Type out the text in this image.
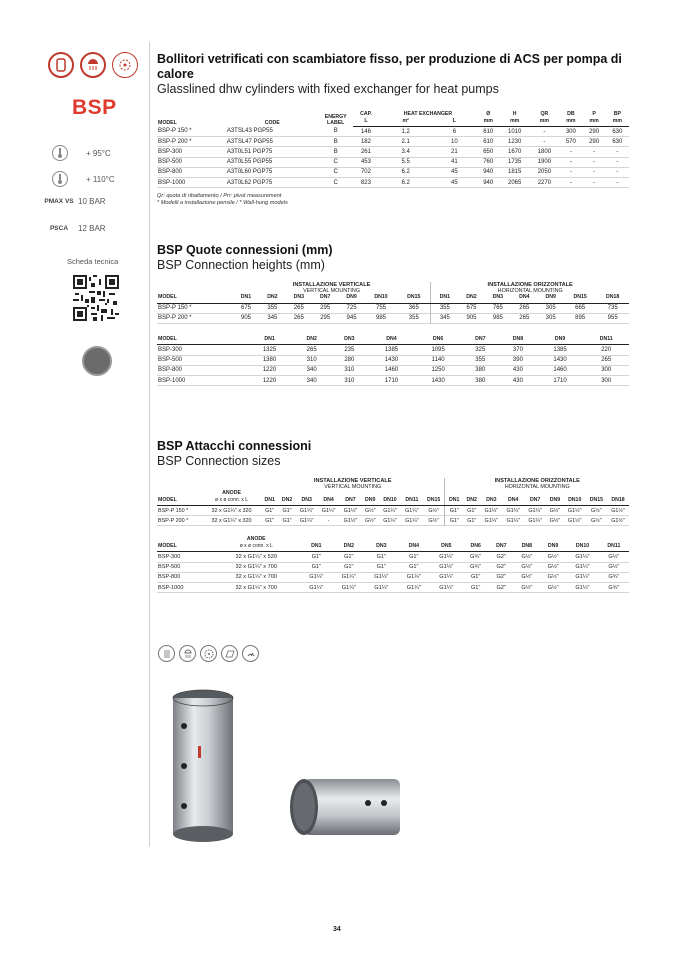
BSP
+ 95°C
+ 110°C
PMAX VS 10 BAR
PSCA	12 BAR
Scheda tecnica
Bollitori vetrificati con scambiatore fisso, per produzione di ACS per pompa di calore
Glasslined dhw cylinders with fixed exchanger for heat pumps
MODEL	CODE	ENERGY LABEL	CAP.	HEAT EXCHANGER		Ø	H	QR	DB	P	BP
			L	m²	L	mm	mm	mm	mm	mm	mm
BSP-P 150 *	A3TSL43 PGP55	B	146	1.2	6	610	1010	-	300	290	630
BSP-P 200 *	A3TSL47 PGP55	B	182	2.1	10	610	1230	-	570	290	630
BSP-300	A3T0L51 PGP75	B	261	3.4	21	650	1670	1800	-	-	-
BSP-500	A3T0L55 PGP55	C	453	5.5	41	760	1735	1900	-	-	-
BSP-800	A3T0L60 PGP75	C	702	6.2	45	940	1815	2050	-	-	-
BSP-1000	A3T0L62 PGP75	C	823	6.2	45	940	2065	2270	-	-	-
Qr: quota di ribaltamento / Prr: pivot measurement
* Modelli a installazione pensile / * Wall-hung models
BSP Quote connessioni (mm)
BSP Connection heights (mm)

	INSTALLAZIONE VERTICALE
VERTICAL MOUNTING							INSTALLAZIONE ORIZZONTALE
HORIZONTAL MOUNTING						

MODEL	DN1	DN2	DN3	DN7	DN9	DN10	DN15	DN1	DN2	DN3	DN4	DN9	DN15	DN18
BSP-P 150 *	675	355	265	295	725	755	365	355	675	765	265	305	665	735
BSP-P 200 *	905	345	265	295	945	985	355	345	905	985	265	305	895	955
MODEL	DN1	DN2	DN3	DN4	DN6	DN7	DN8	DN9	DN11
BSP-300	1325	265	235	1385	1095	325	370	1385	220
BSP-500	1380	310	280	1430	1140	355	390	1430	265
BSP-800	1220	340	310	1460	1250	380	430	1460	300
BSP-1000	1220	340	310	1710	1430	380	430	1710	300
BSP Attacchi connessioni
BSP Connection sizes

		INSTALLAZIONE VERTICALE
VERTICAL MOUNTING									INSTALLAZIONE ORIZZONTALE
HORIZONTAL MOUNTING								

MODEL	ANODE
ø x ø conn. x L	DN1	DN2	DN3	DN4	DN7	DN9	DN10	DN11	DN15	DN1	DN2	DN3	DN4	DN7	DN9	DN10	DN15	DN18
BSP-P 150 *	32 x G1¼" x 320	G1"	G1"	G1¼"	G1¼"	G1½"	G½"	G1¼"	G1¼"	G½"	G1"	G1"	G1¼"	G1¼"	G1¼"	G½"	G1½"	G½"	G1½"
BSP-P 200 *	32 x G1¼" x 320	G1"	G1"	G1¼"	-	G1½"	G½"	G1¼"	G1¼"	G½"	G1"	G1"	G1¼"	G1¼"	G1¼"	G½"	G1½"	G½"	G1½"
MODEL	ANODE
ø x ø conn. x L	DN1	DN2	DN3	DN4	DN5	DN6	DN7	DN8	DN9	DN10	DN11
BSP-300	32 x G1¼" x 520	G1"	G1"	G1"	G1"	G1¼"	G¾"	G2"	G½"	G½"	G1¼"	G½"
BSP-500	32 x G1¼" x 700	G1"	G1"	G1"	G1"	G1¼"	G¾"	G2"	G½"	G½"	G1¼"	G½"
BSP-800	32 x G1¼" x 700	G1¼"	G1¼"	G1¼"	G1¼"	G1¼"	G1"	G2"	G½"	G½"	G1¼"	G¾"
BSP-1000	32 x G1¼" x 700	G1¼"	G1¼"	G1¼"	G1¼"	G1¼"	G1"	G2"	G½"	G½"	G1¼"	G¾"
34
